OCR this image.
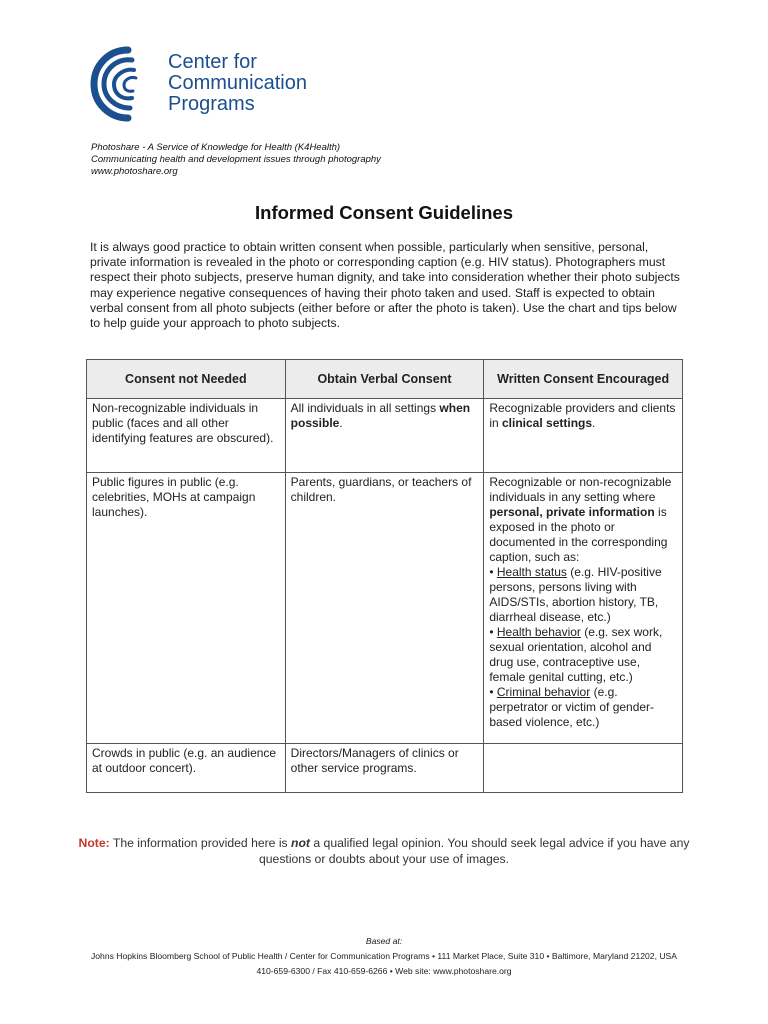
Center for
Communication
Programs
Photoshare - A Service of Knowledge for Health (K4Health)
Communicating health and development issues through photography
www.photoshare.org
Informed Consent Guidelines
It is always good practice to obtain written consent when possible, particularly when sensitive, personal, private information is revealed in the photo or corresponding caption (e.g. HIV status). Photographers must respect their photo subjects, preserve human dignity, and take into consideration whether their photo subjects may experience negative consequences of having their photo taken and used. Staff is expected to obtain verbal consent from all photo subjects (either before or after the photo is taken). Use the chart and tips below to help guide your approach to photo subjects.
Consent not Needed	Obtain Verbal Consent	Written Consent Encouraged
Non-recognizable individuals in public (faces and all other identifying features are obscured).	All individuals in all settings when possible.	Recognizable providers and clients in clinical settings.
Public figures in public (e.g. celebrities, MOHs at campaign launches).	Parents, guardians, or teachers of children.	Recognizable or non-recognizable individuals in any setting where personal, private information is exposed in the photo or documented in the corresponding caption, such as:
• Health status (e.g. HIV-positive persons, persons living with AIDS/STIs, abortion history, TB, diarrheal disease, etc.)
• Health behavior (e.g. sex work, sexual orientation, alcohol and drug use, contraceptive use, female genital cutting, etc.)
• Criminal behavior (e.g. perpetrator or victim of gender-based violence, etc.)
Crowds in public (e.g. an audience at outdoor concert).	Directors/Managers of clinics or other service programs.	
Note: The information provided here is not a qualified legal opinion. You should seek legal advice if you have any questions or doubts about your use of images.
Based at:
Johns Hopkins Bloomberg School of Public Health / Center for Communication Programs • 111 Market Place, Suite 310 • Baltimore, Maryland 21202, USA
410-659-6300 / Fax 410-659-6266 • Web site: www.photoshare.org
